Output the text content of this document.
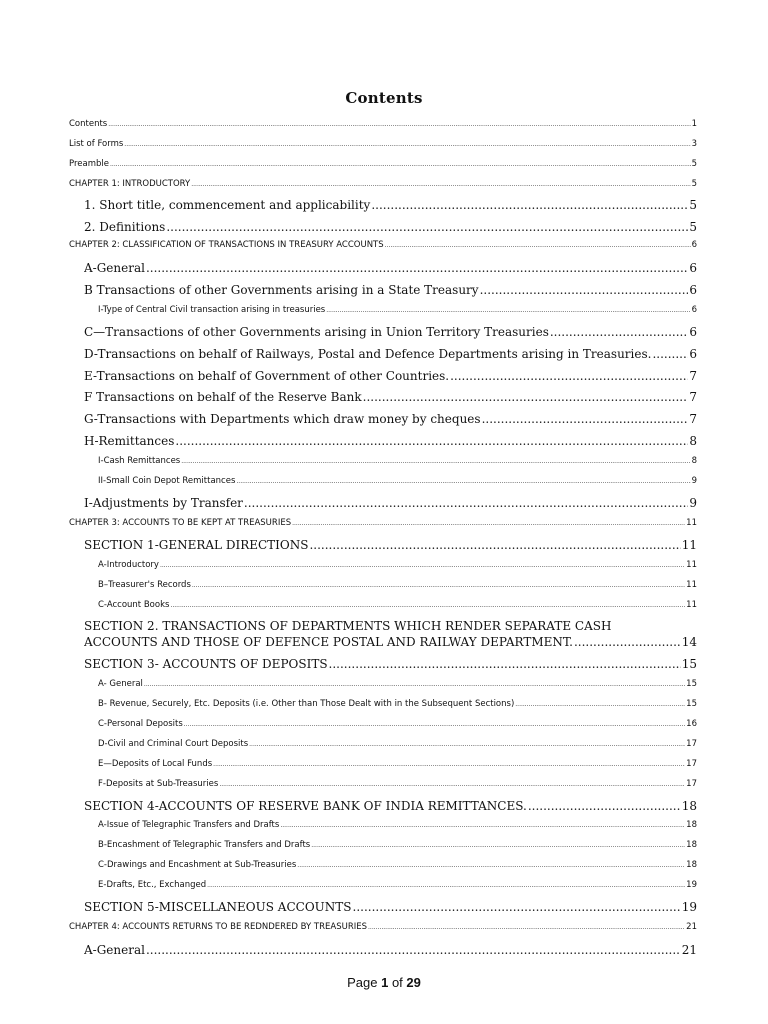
Contents
Contents .....	1
List of Forms .....	3
Preamble .....	5
CHAPTER 1: INTRODUCTORY .....	5
1. Short title, commencement and applicability .....	5
2. Definitions .....	5
CHAPTER 2: CLASSIFICATION OF TRANSACTIONS IN TREASURY ACCOUNTS .....	6
A-General .....	6
B Transactions of other Governments arising in a State Treasury .....	6
I-Type of Central Civil transaction arising in treasuries .....	6
C—Transactions of other Governments arising in Union Territory Treasuries .....	6
D-Transactions on behalf of Railways, Postal and Defence Departments arising in Treasuries. .....	6
E-Transactions on behalf of Government of other Countries. .....	7
F Transactions on behalf of the Reserve Bank .....	7
G-Transactions with Departments which draw money by cheques .....	7
H-Remittances .....	8
I-Cash Remittances .....	8
II-Small Coin Depot Remittances .....	9
I-Adjustments by Transfer .....	9
CHAPTER 3: ACCOUNTS TO BE KEPT AT TREASURIES .....	11
SECTION 1-GENERAL DIRECTIONS .....	11
A-Introductory .....	11
B–Treasurer's Records .....	11
C-Account Books .....	11
SECTION 2. TRANSACTIONS OF DEPARTMENTS WHICH RENDER SEPARATE CASH
ACCOUNTS AND THOSE OF DEFENCE POSTAL AND RAILWAY DEPARTMENT. .....	14
SECTION 3- ACCOUNTS OF DEPOSITS .....	15
A- General .....	15
B- Revenue, Securely, Etc. Deposits (i.e. Other than Those Dealt with in the Subsequent Sections) .....	15
C-Personal Deposits .....	16
D-Civil and Criminal Court Deposits .....	17
E—Deposits of Local Funds .....	17
F-Deposits at Sub-Treasuries .....	17
SECTION 4-ACCOUNTS OF RESERVE BANK OF INDIA REMITTANCES. .....	18
A-Issue of Telegraphic Transfers and Drafts .....	18
B-Encashment of Telegraphic Transfers and Drafts .....	18
C-Drawings and Encashment at Sub-Treasuries .....	18
E-Drafts, Etc., Exchanged .....	19
SECTION 5-MISCELLANEOUS ACCOUNTS .....	19
CHAPTER 4: ACCOUNTS RETURNS TO BE REDNDERED BY TREASURIES .....	21
A-General .....	21
Page 1 of 29
